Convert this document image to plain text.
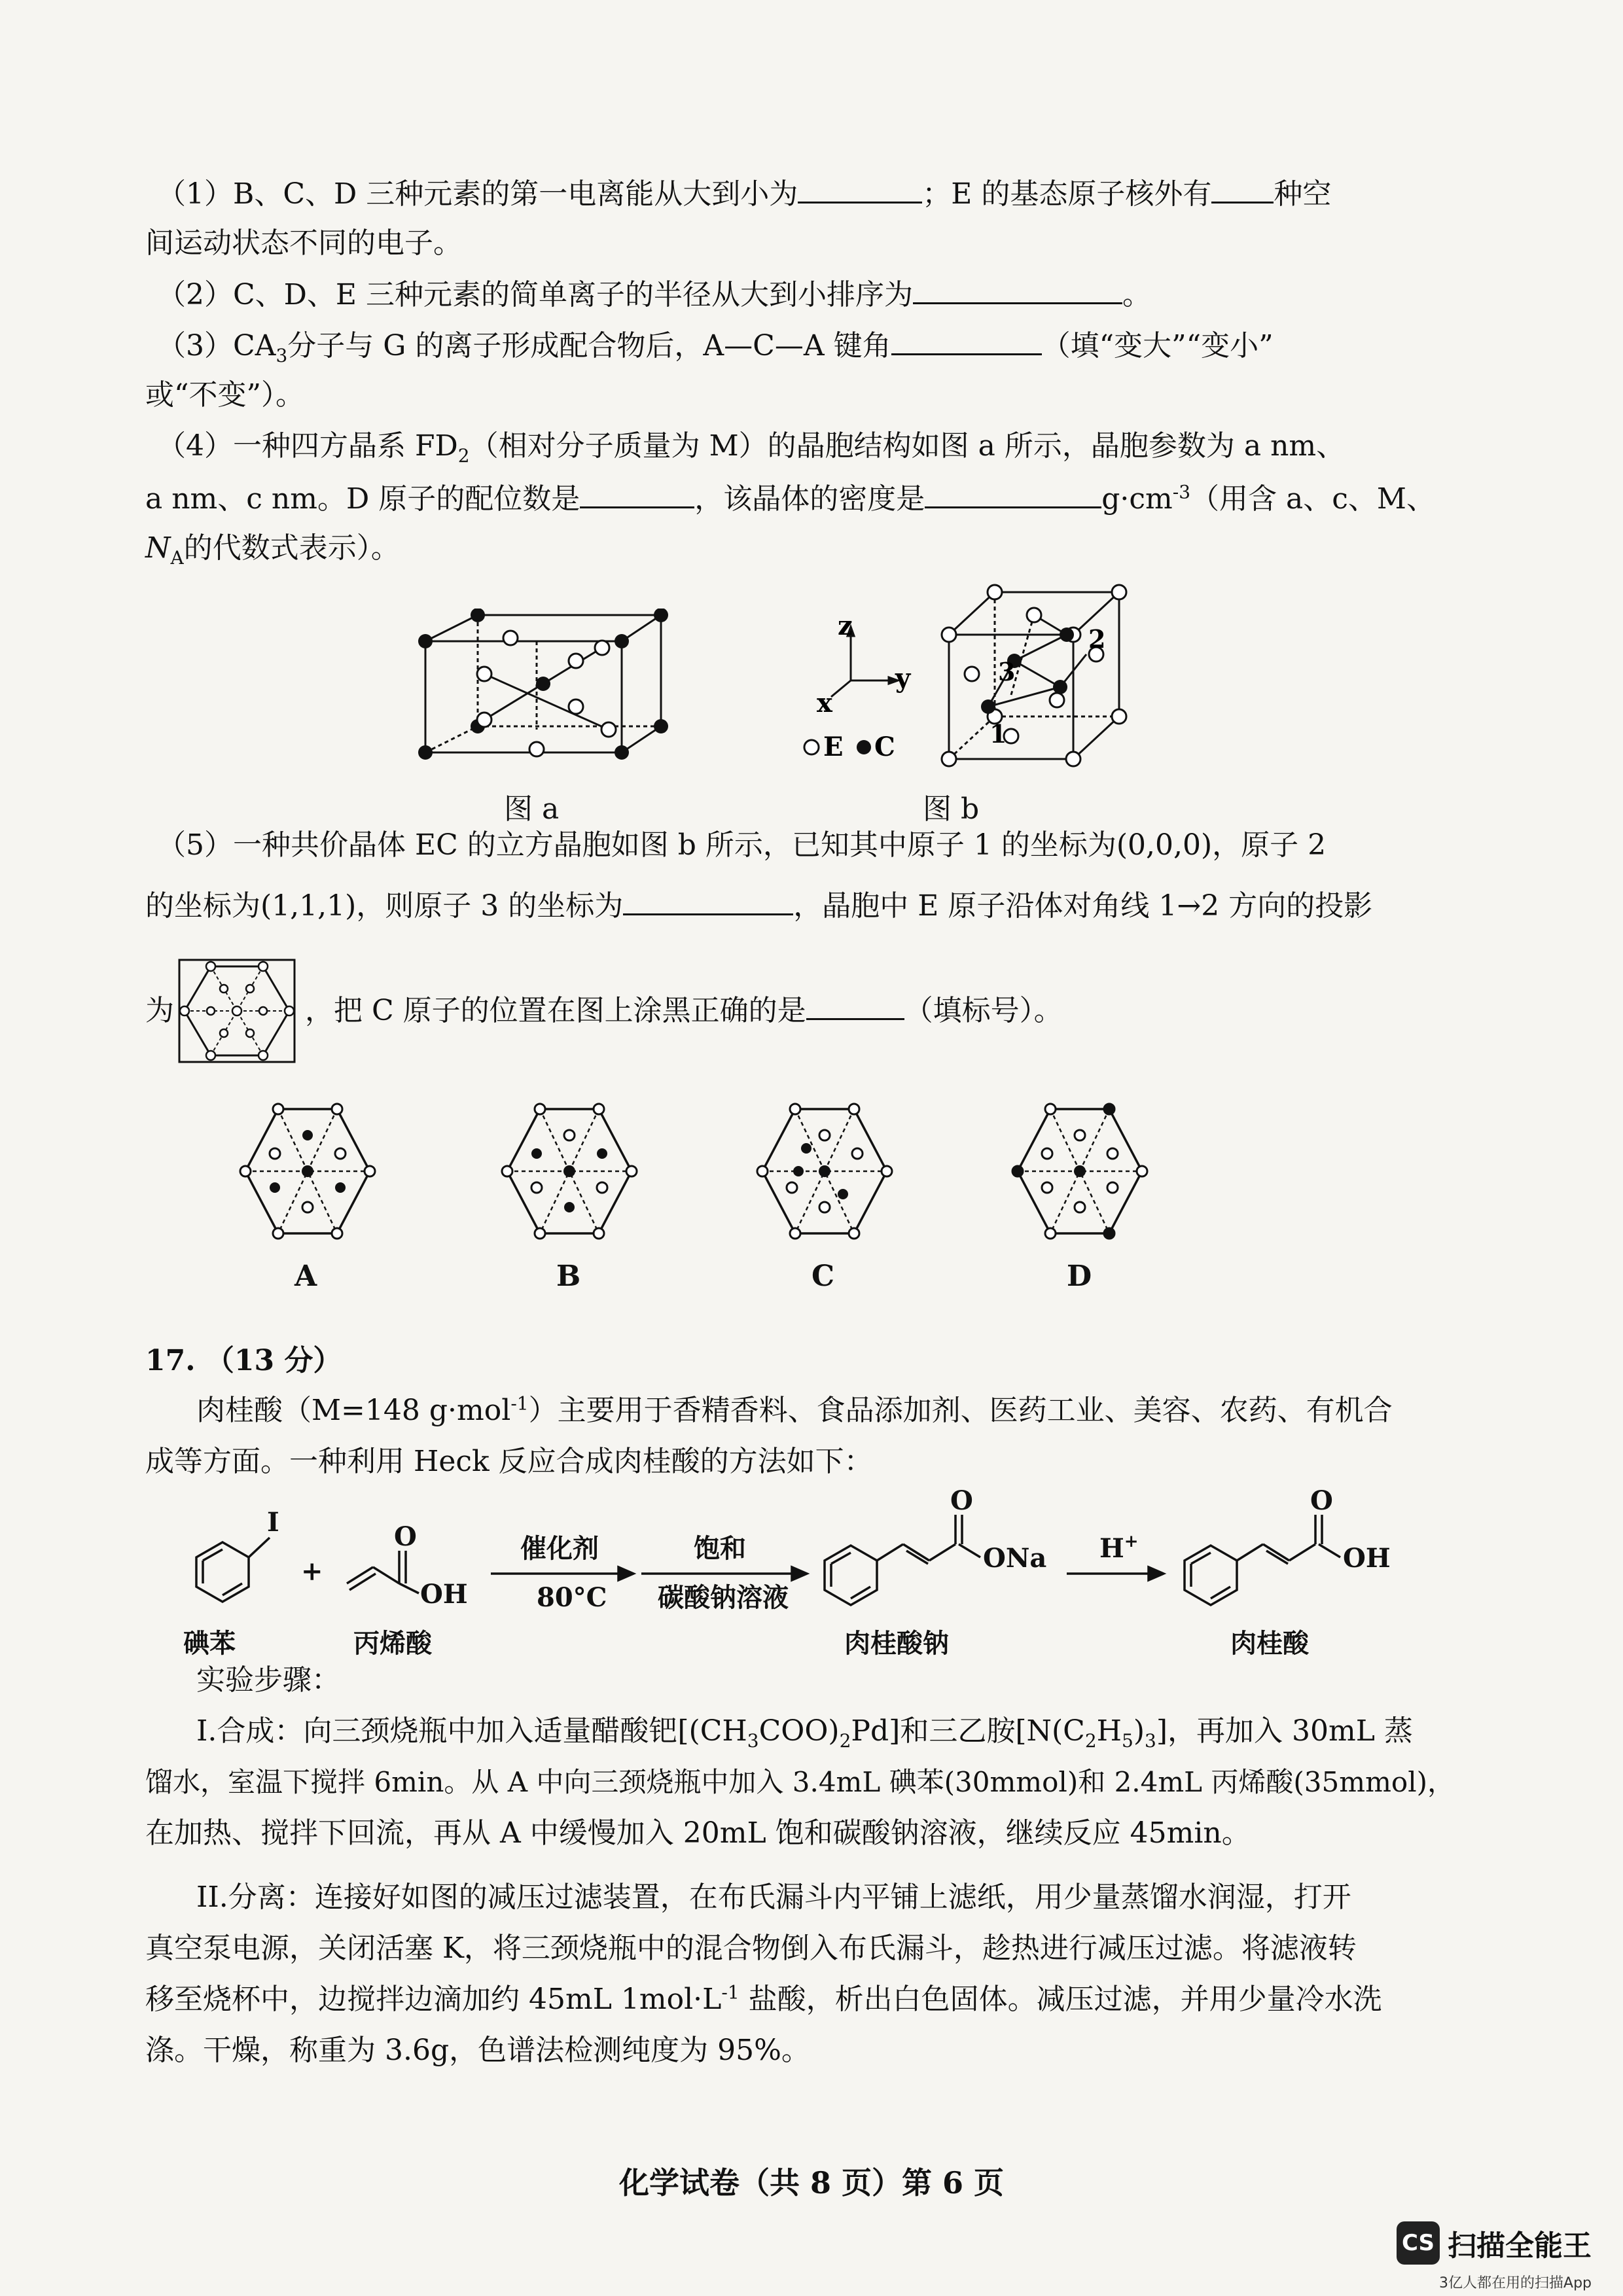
（1）B、C、D 三种元素的第一电离能从大到小为	；E 的基态原子核外有 种空
间运动状态不同的电子。
（2）C、D、E 三种元素的简单离子的半径从大到小排序为	。
$(3)CA_3$分子与 G 的离子形成配合物后，A—C—A 键角	（填“变大”“变小”
或“不变”）。
（4）一种四方晶系 $FD_2$（相对分子质量为 M）的晶胞结构如图 a 所示，晶胞参数为 a nm、
a nm、c nm。D 原子的配位数是	，该晶体的密度是	$g\cdot cm^{-3}$（用含 a、c、M、
$N_A$的代数式表示）。
图 a
z
y
x
2
3
1
E C
图 b
（5）一种共价晶体 EC 的立方晶胞如图 b 所示，已知其中原子 1 的坐标为(0,0,0)，原子 2
的坐标为(1,1,1)，则原子 3 的坐标为	，晶胞中 E 原子沿体对角线 1→2 方向的投影
为	，把 C 原子的位置在图上涂黑正确的是	（填标号）。
A	B	C	D
17. （13 分）
肉桂酸（M=148 g·mol$^{-1}$）主要用于香精香料、食品添加剂、医药工业、美容、农药、有机合
成等方面。一种利用 Heck 反应合成肉桂酸的方法如下：
I
+
O
OH
催化剂
80°C
饱和
碳酸钠溶液
O
ONa H+
O
OH
碘苯	丙烯酸	肉桂酸钠	肉桂酸
实验步骤：
I.合成：向三颈烧瓶中加入适量醋酸钯$[(CH_3COO)_2Pd]$和三乙胺$[N(C_2H_5)_3]$，再加入 30mL 蒸
馏水，室温下搅拌 6min。从 A 中向三颈烧瓶中加入 3.4mL 碘苯(30mmol)和 2.4mL 丙烯酸(35mmol)，
在加热、搅拌下回流，再从 A 中缓慢加入 20mL 饱和碳酸钠溶液，继续反应 45min。
II.分离：连接好如图的减压过滤装置，在布氏漏斗内平铺上滤纸，用少量蒸馏水润湿，打开
真空泵电源，关闭活塞 K，将三颈烧瓶中的混合物倒入布氏漏斗，趁热进行减压过滤。将滤液转
移至烧杯中，边搅拌边滴加约 45mL $1mol\cdot L^{-1}$ 盐酸，析出白色固体。减压过滤，并用少量冷水洗
涤。干燥，称重为 3.6g，色谱法检测纯度为 95%。
化学试卷（共 8 页）第 6 页
CS 扫描全能王
3亿人都在用的扫描App
